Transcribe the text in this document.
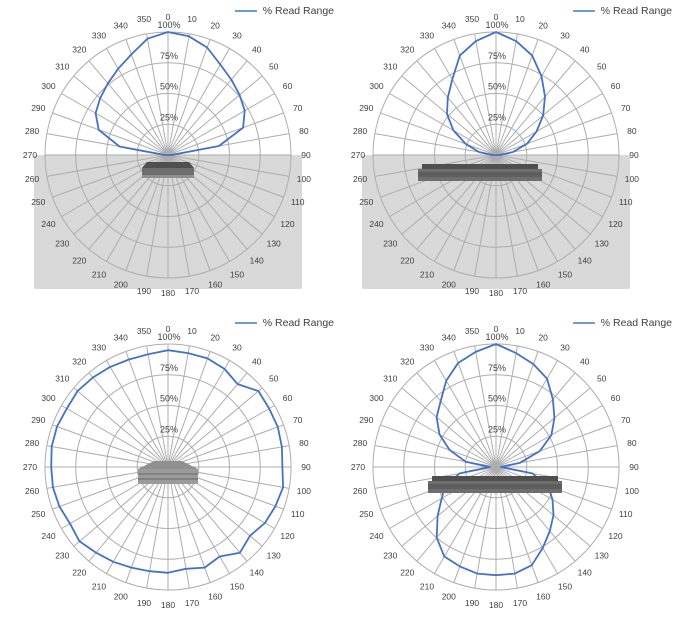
0 10
20
30
40
50
60
70
80
90
100
110
120
130
140
150
160
170
180
190
200
210
220
230
240
250
260
270
280
290
300
310
320
330
340
350
25%
50%
75%
100%
% Read Range	0 10
20
30
40
50
60
70
80
90
100
110
120
130
140
150
160
170
180
190
200
210
220
230
240
250
260
270
280
290
300
310
320
330
340
350
25%
50%
75%
100%
% Read Range
0 10
20
30
40
50
60
70
80
90
100
110
120
130
140
150
160
170
180
190
200
210
220
230
240
250
260
270
280
290
300
310
320
330
340
350
25%
50%
75%
100%
% Read Range	0 10
20
30
40
50
60
70
80
90
100
110
120
130
140
150
160
170
180
190
200
210
220
230
240
250
260
270
280
290
300
310
320
330
340
350
25%
50%
75%
100%
% Read Range
